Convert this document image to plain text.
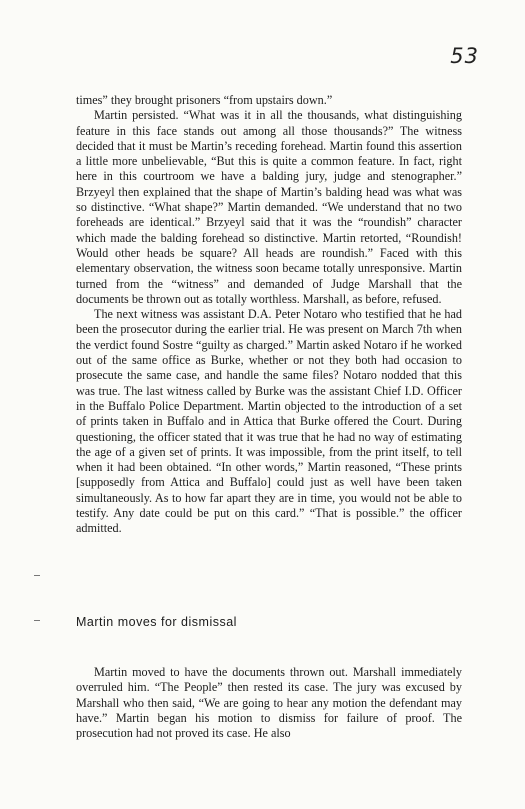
53

times” they brought prisoners “from upstairs down.”

Martin persisted. “What was it in all the thousands, what distinguishing feature in this face stands out among all those thousands?” The witness decided that it must be Martin’s receding forehead. Martin found this assertion a little more unbelievable, “But this is quite a common feature. In fact, right here in this courtroom we have a balding jury, judge and stenographer.” Brzyeyl then explained that the shape of Martin’s balding head was what was so distinctive. “What shape?” Martin demanded. “We understand that no two foreheads are identical.” Brzyeyl said that it was the “roundish” character which made the balding forehead so distinctive. Martin retorted, “Roundish! Would other heads be square? All heads are roundish.” Faced with this elementary observation, the witness soon became totally unresponsive. Martin turned from the “witness” and demanded of Judge Marshall that the documents be thrown out as totally worthless. Marshall, as before, refused.

The next witness was assistant D.A. Peter Notaro who testified that he had been the prosecutor during the earlier trial. He was present on March 7th when the verdict found Sostre “guilty as charged.” Martin asked Notaro if he worked out of the same office as Burke, whether or not they both had occasion to prosecute the same case, and handle the same files? Notaro nodded that this was true. The last witness called by Burke was the assistant Chief I.D. Officer in the Buffalo Police Department. Martin objected to the introduction of a set of prints taken in Buffalo and in Attica that Burke offered the Court. During questioning, the officer stated that it was true that he had no way of estimating the age of a given set of prints. It was impossible, from the print itself, to tell when it had been obtained. “In other words,” Martin reasoned, “These prints [supposedly from Attica and Buffalo] could just as well have been taken simultaneously. As to how far apart they are in time, you would not be able to testify. Any date could be put on this card.” “That is possible.” the officer admitted.

Martin moves for dismissal

Martin moved to have the documents thrown out. Marshall immediately overruled him. “The People” then rested its case. The jury was excused by Marshall who then said, “We are going to hear any motion the defendant may have.” Martin began his motion to dismiss for failure of proof. The prosecution had not proved its case. He also
